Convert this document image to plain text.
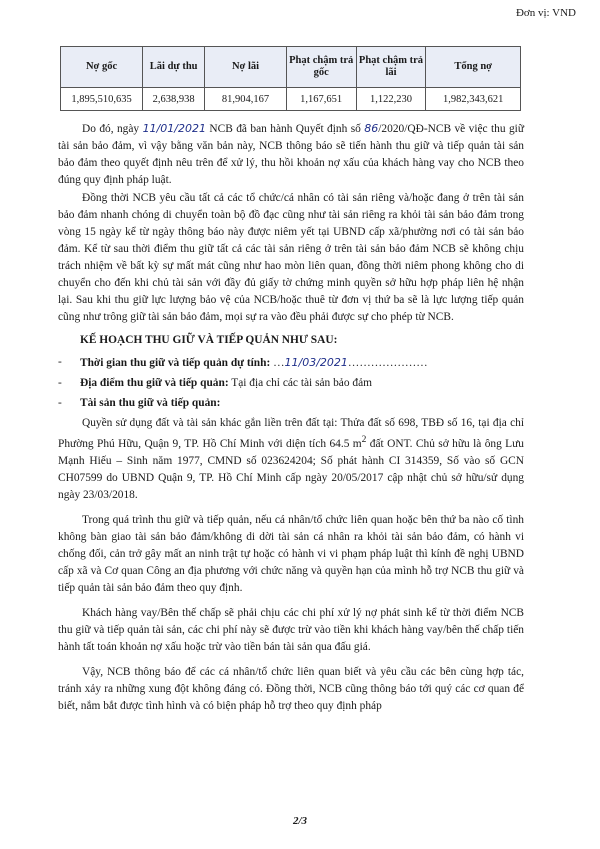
Đơn vị: VND
Nợ gốc	Lãi dự thu	Nợ lãi	Phạt chậm trả gốc	Phạt chậm trả lãi	Tổng nợ
1,895,510,635	2,638,938	81,904,167	1,167,651	1,122,230	1,982,343,621

Do đó, ngày 11/01/2021 NCB đã ban hành Quyết định số 86/2020/QĐ-NCB về việc thu giữ tài sản bảo đảm, vì vậy bằng văn bản này, NCB thông báo sẽ tiến hành thu giữ và tiếp quản tài sản bảo đảm theo quyết định nêu trên để xử lý, thu hồi khoản nợ xấu của khách hàng vay cho NCB theo đúng quy định pháp luật.

Đồng thời NCB yêu cầu tất cả các tổ chức/cá nhân có tài sản riêng và/hoặc đang ở trên tài sản bảo đảm nhanh chóng di chuyển toàn bộ đồ đạc cũng như tài sản riêng ra khỏi tài sản bảo đảm trong vòng 15 ngày kể từ ngày thông báo này được niêm yết tại UBND cấp xã/phường nơi có tài sản bảo đảm. Kể từ sau thời điểm thu giữ tất cả các tài sản riêng ở trên tài sản bảo đảm NCB sẽ không chịu trách nhiệm về bất kỳ sự mất mát cũng như hao mòn liên quan, đồng thời niêm phong không cho di chuyển cho đến khi chủ tài sản với đầy đủ giấy tờ chứng minh quyền sở hữu hợp pháp liên hệ nhận lại. Sau khi thu giữ lực lượng bảo vệ của NCB/hoặc thuê từ đơn vị thứ ba sẽ là lực lượng tiếp quản cũng như trông giữ tài sản bảo đảm, mọi sự ra vào đều phải được sự cho phép từ NCB.

KẾ HOẠCH THU GIỮ VÀ TIẾP QUẢN NHƯ SAU:

- Thời gian thu giữ và tiếp quản dự tính: …11/03/2021…………………

- Địa điểm thu giữ và tiếp quản: Tại địa chỉ các tài sản bảo đảm

- Tài sản thu giữ và tiếp quản:

Quyền sử dụng đất và tài sản khác gắn liền trên đất tại: Thửa đất số 698, TBĐ số 16, tại địa chỉ Phường Phú Hữu, Quận 9, TP. Hồ Chí Minh với diện tích 64.5 $m^2$ đất ONT. Chủ sở hữu là ông Lưu Mạnh Hiếu – Sinh năm 1977, CMND số 023624204; Số phát hành CI 314359, Số vào số GCN CH07599 do UBND Quận 9, TP. Hồ Chí Minh cấp ngày 20/05/2017 cập nhật chủ sở hữu/sử dụng ngày 23/03/2018.

Trong quá trình thu giữ và tiếp quản, nếu cá nhân/tổ chức liên quan hoặc bên thứ ba nào cố tình không bàn giao tài sản bảo đảm/không di dời tài sản cá nhân ra khỏi tài sản bảo đảm, có hành vi chống đối, cản trở gây mất an ninh trật tự hoặc có hành vi vi phạm pháp luật thì kính đề nghị UBND cấp xã và Cơ quan Công an địa phương với chức năng và quyền hạn của mình hỗ trợ NCB thu giữ và tiếp quản tài sản bảo đảm theo quy định.

Khách hàng vay/Bên thế chấp sẽ phải chịu các chi phí xử lý nợ phát sinh kể từ thời điểm NCB thu giữ và tiếp quản tài sản, các chi phí này sẽ được trừ vào tiền khi khách hàng vay/bên thế chấp tiến hành tất toán khoản nợ xấu hoặc trừ vào tiền bán tài sản qua đấu giá.

Vậy, NCB thông báo để các cá nhân/tổ chức liên quan biết và yêu cầu các bên cùng hợp tác, tránh xảy ra những xung đột không đáng có. Đồng thời, NCB cũng thông báo tới quý các cơ quan để biết, nắm bắt được tình hình và có biện pháp hỗ trợ theo quy định pháp

2/3
